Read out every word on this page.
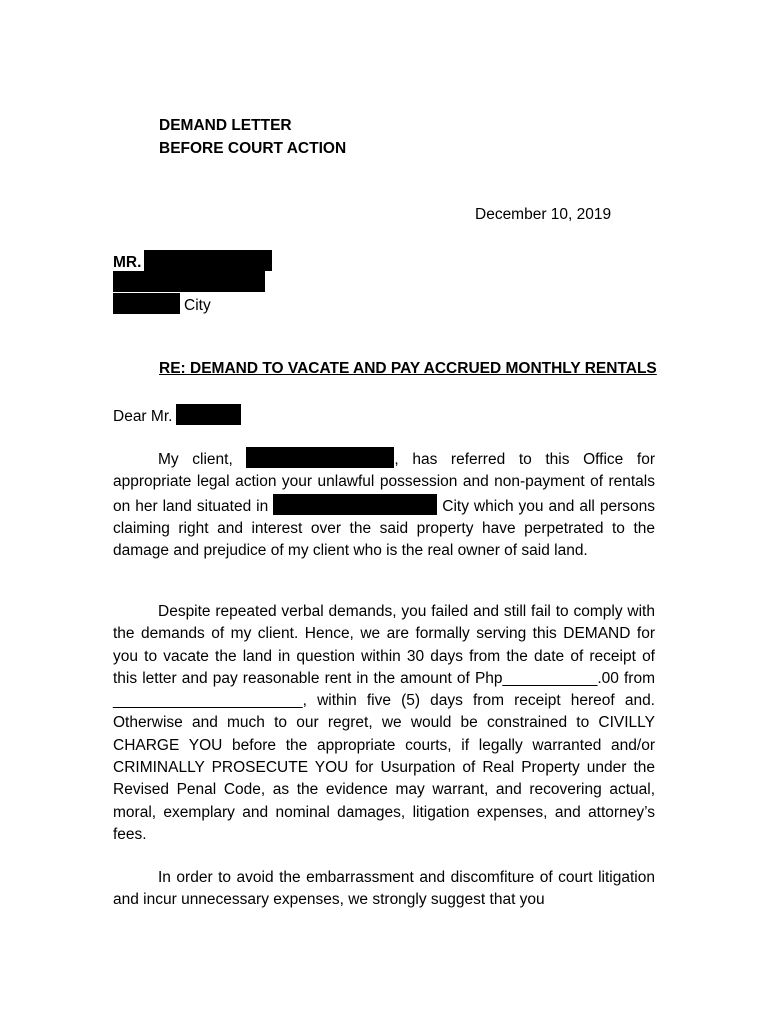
DEMAND LETTER
BEFORE COURT ACTION
December 10, 2019
MR.
City
RE: DEMAND TO VACATE AND PAY ACCRUED MONTHLY RENTALS
Dear Mr.

My client,	, has referred to this Office for appropriate legal action your unlawful possession and non-payment of rentals on her land situated in	City which you and all persons claiming right and interest over the said property have perpetrated to the damage and prejudice of my client who is the real owner of said land.

Despite repeated verbal demands, you failed and still fail to comply with the demands of my client. Hence, we are formally serving this DEMAND for you to vacate the land in question within 30 days from the date of receipt of this letter and pay reasonable rent in the amount of Php___________.00 from ______________________, within five (5) days from receipt hereof and. Otherwise and much to our regret, we would be constrained to CIVILLY CHARGE YOU before the appropriate courts, if legally warranted and/or CRIMINALLY PROSECUTE YOU for Usurpation of Real Property under the Revised Penal Code, as the evidence may warrant, and recovering actual, moral, exemplary and nominal damages, litigation expenses, and attorney’s fees.

In order to avoid the embarrassment and discomfiture of court litigation and incur unnecessary expenses, we strongly suggest that you
